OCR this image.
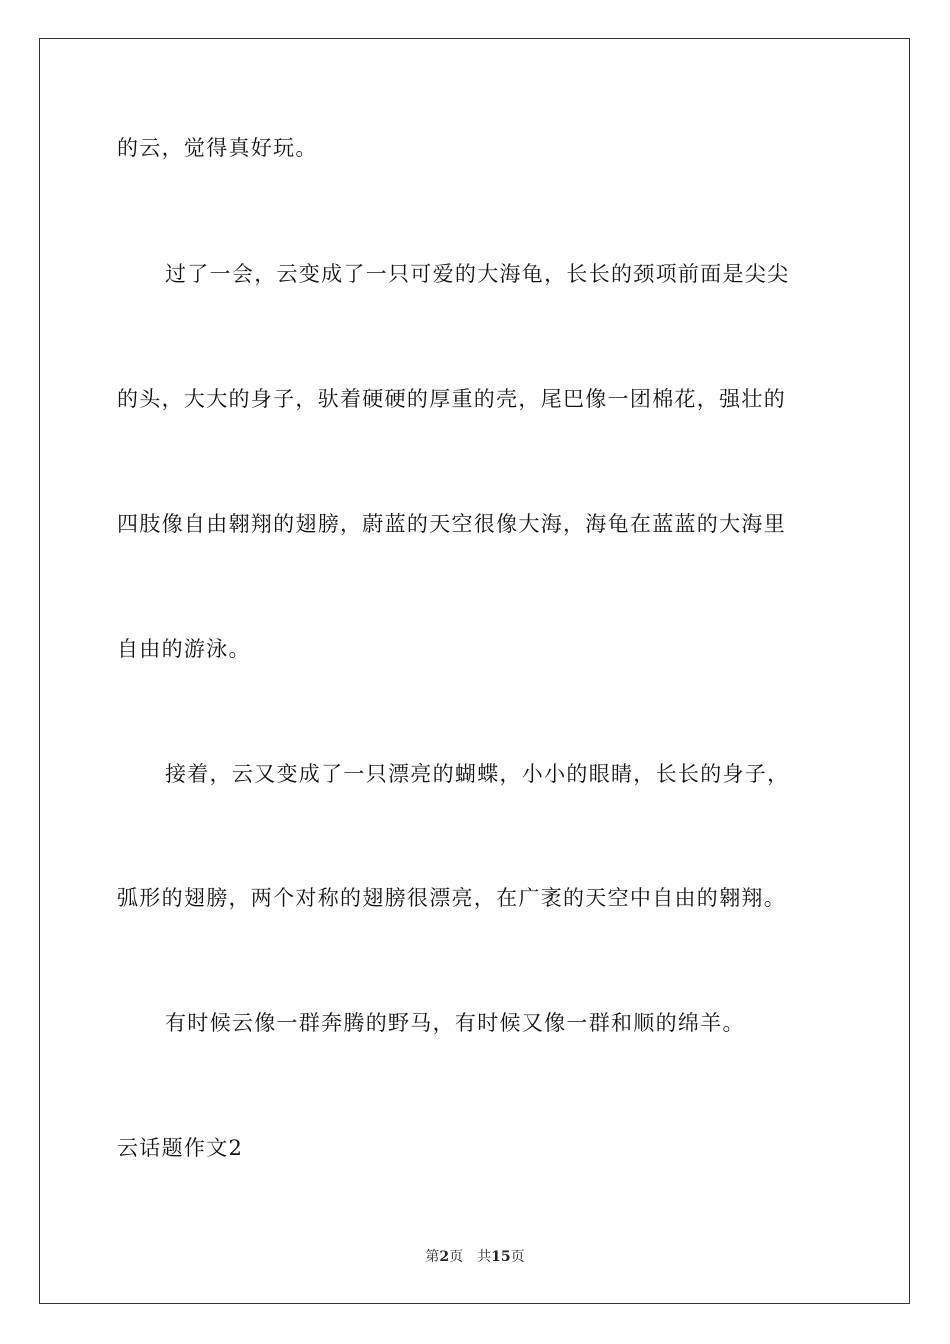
的云，觉得真好玩。
过了一会，云变成了一只可爱的大海龟，长长的颈项前面是尖尖
的头，大大的身子，驮着硬硬的厚重的壳，尾巴像一团棉花，强壮的
四肢像自由翱翔的翅膀，蔚蓝的天空很像大海，海龟在蓝蓝的大海里
自由的游泳。
接着，云又变成了一只漂亮的蝴蝶，小小的眼睛，长长的身子，
弧形的翅膀，两个对称的翅膀很漂亮，在广袤的天空中自由的翱翔。
有时候云像一群奔腾的野马，有时候又像一群和顺的绵羊。
云话题作文2
第2页 共15页
